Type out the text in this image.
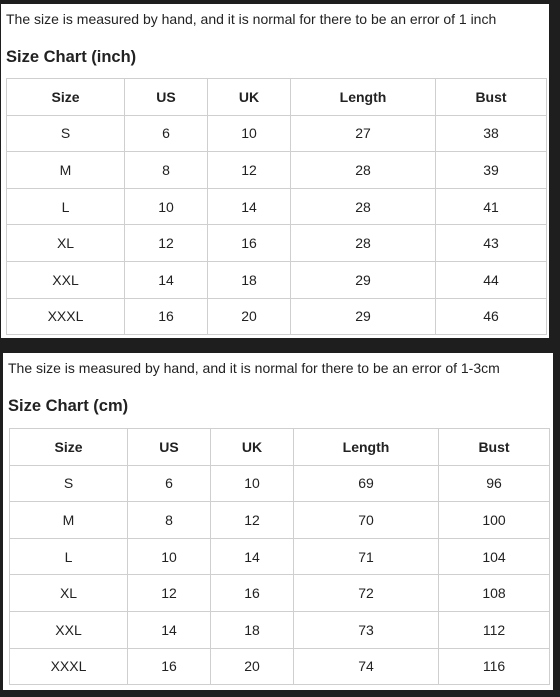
The size is measured by hand, and it is normal for there to be an error of 1 inch
Size Chart (inch)
Size	US	UK	Length	Bust
S	6	10	27	38
M	8	12	28	39
L	10	14	28	41
XL	12	16	28	43
XXL	14	18	29	44
XXXL	16	20	29	46
The size is measured by hand, and it is normal for there to be an error of 1-3cm
Size Chart (cm)
Size	US	UK	Length	Bust
S	6	10	69	96
M	8	12	70	100
L	10	14	71	104
XL	12	16	72	108
XXL	14	18	73	112
XXXL	16	20	74	116
